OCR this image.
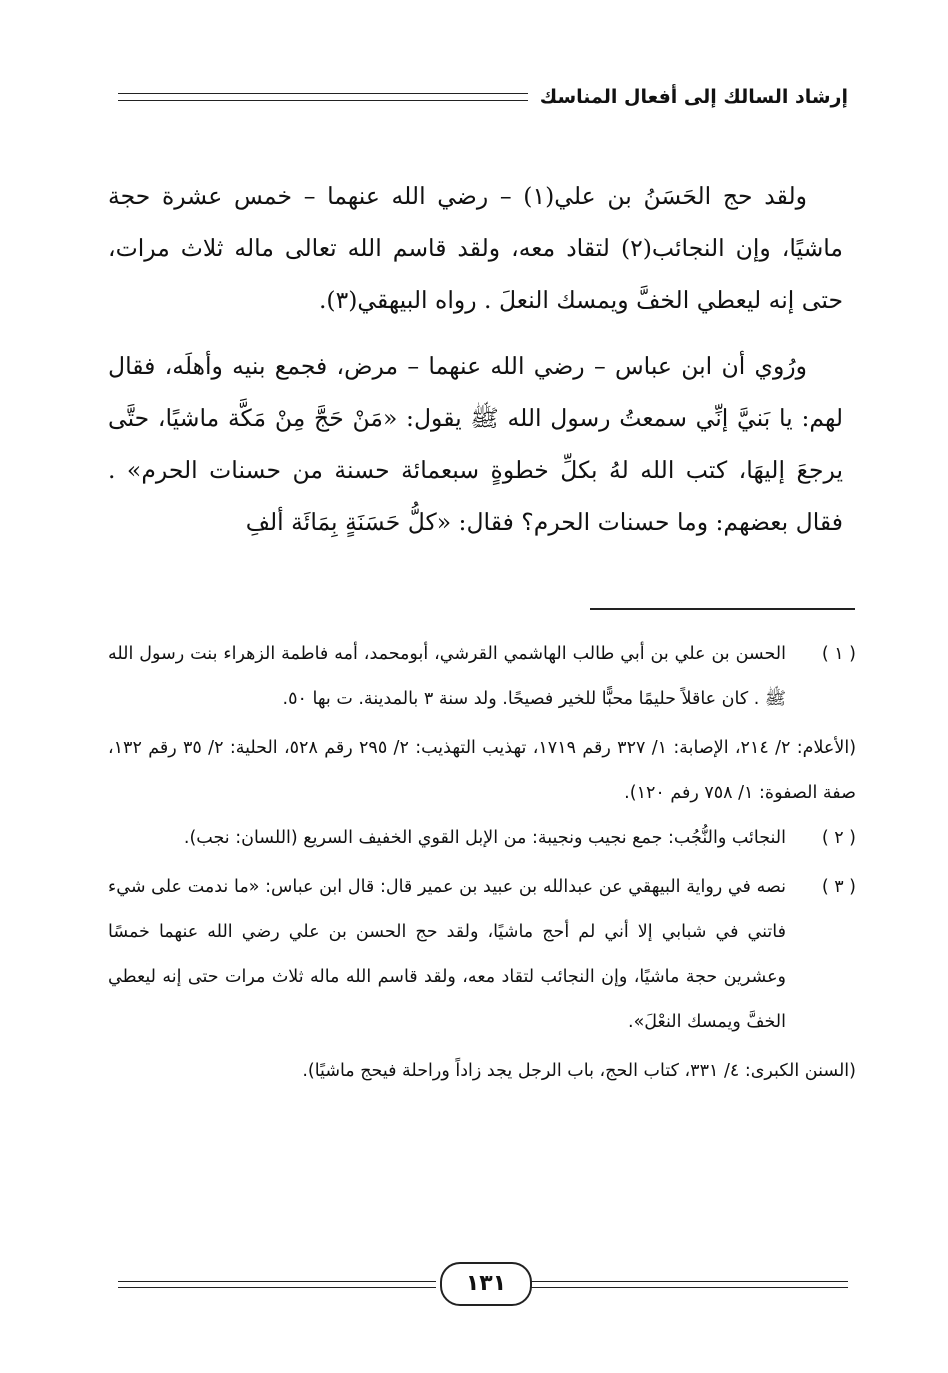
إرشاد السالك إلى أفعال المناسك

ولقد حج الحَسَنُ بن علي(١) – رضي الله عنهما – خمس عشرة حجة ماشيًا، وإن النجائب(٢) لتقاد معه، ولقد قاسم الله تعالى ماله ثلاث مرات، حتى إنه ليعطي الخفَّ ويمسك النعلَ . رواه البيهقي(٣).

ورُوي أن ابن عباس – رضي الله عنهما – مرض، فجمع بنيه وأهلَه، فقال لهم: يا بَنيَّ إنِّي سمعتُ رسول الله ﷺ يقول: «مَنْ حَجَّ مِنْ مَكَّة ماشيًا، حتَّى يرجعَ إليهَا، كتب الله لهُ بكلِّ خطوةٍ سبعمائة حسنة من حسنات الحرم» . فقال بعضهم: وما حسنات الحرم؟ فقال: «كلُّ حَسَنَةٍ بِمَائَة ألفِ

( ١ )
الحسن بن علي بن أبي طالب الهاشمي القرشي، أبومحمد، أمه فاطمة الزهراء بنت رسول الله ﷺ . كان عاقلاً حليمًا محبًّا للخير فصيحًا. ولد سنة ٣ بالمدينة. ت بها ٥٠.
(الأعلام: ٢/ ٢١٤، الإصابة: ١/ ٣٢٧ رقم ١٧١٩، تهذيب التهذيب: ٢/ ٢٩٥ رقم ٥٢٨، الحلية: ٢/ ٣٥ رقم ١٣٢، صفة الصفوة: ١/ ٧٥٨ رفم ١٢٠).
( ٢ )
النجائب والنُّجُب: جمع نجيب ونجيبة: من الإبل القوي الخفيف السريع (اللسان: نجب).
( ٣ )
نصه في رواية البيهقي عن عبدالله بن عبيد بن عمير قال: قال ابن عباس: «ما ندمت على شيء فاتني في شبابي إلا أني لم أحج ماشيًا، ولقد حج الحسن بن علي رضي الله عنهما خمسًا وعشرين حجة ماشيًا، وإن النجائب لتقاد معه، ولقد قاسم الله ماله ثلاث مرات حتى إنه ليعطي الخفَّ ويمسك النعْلَ».
(السنن الكبرى: ٤/ ٣٣١، كتاب الحج، باب الرجل يجد زاداً وراحلة فيحج ماشيًا).
١٣١
